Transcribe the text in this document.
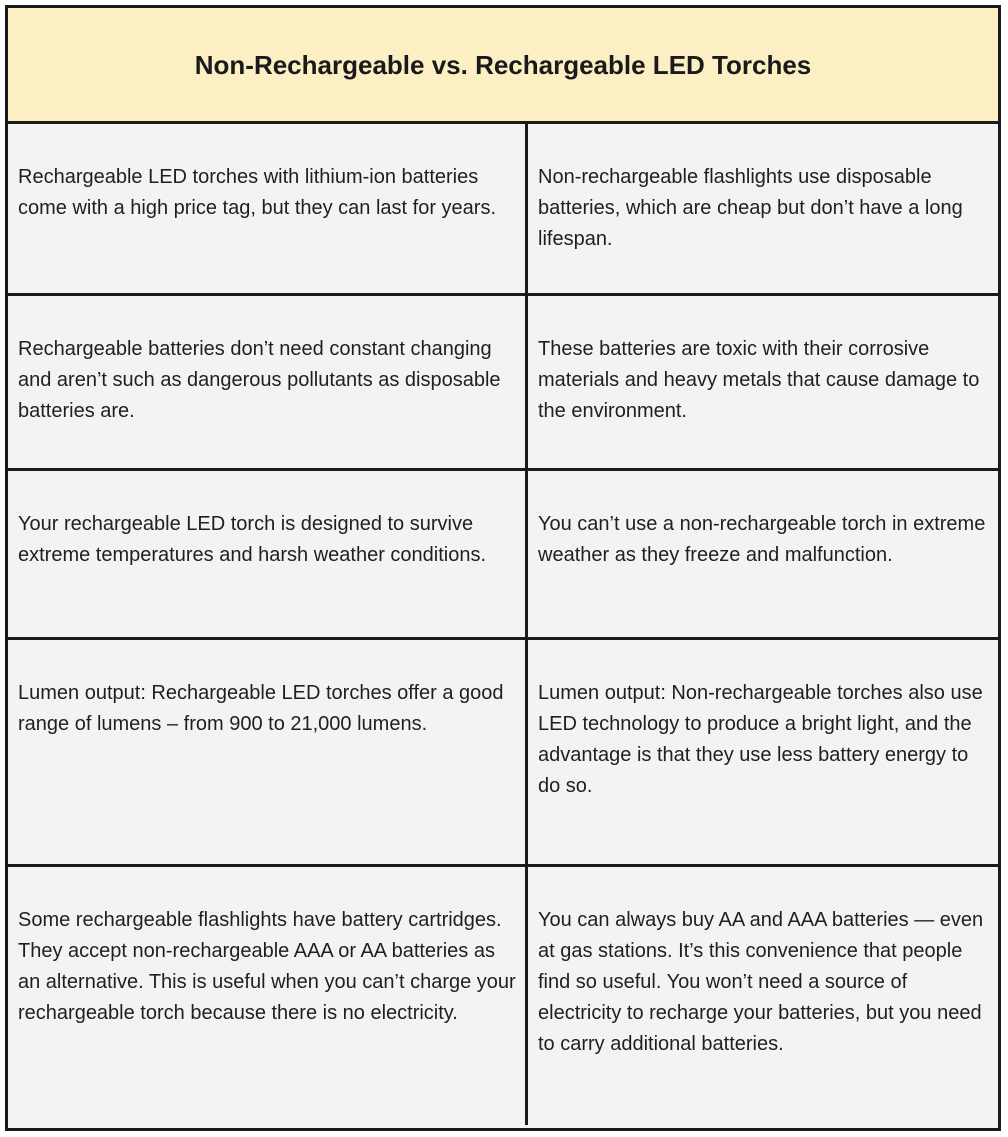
Non-Rechargeable vs. Rechargeable LED Torches
Rechargeable LED torches with lithium-ion batteries come with a high price tag, but they can last for years.
Non-rechargeable flashlights use disposable batteries, which are cheap but don’t have a long lifespan.
Rechargeable batteries don’t need constant changing and aren’t such as dangerous pollutants as disposable batteries are.
These batteries are toxic with their corrosive materials and heavy metals that cause damage to the environment.
Your rechargeable LED torch is designed to survive extreme temperatures and harsh weather conditions.
You can’t use a non-rechargeable torch in extreme weather as they freeze and malfunction.
Lumen output: Rechargeable LED torches offer a good range of lumens – from 900 to 21,000 lumens.
Lumen output: Non-rechargeable torches also use LED technology to produce a bright light, and the advantage is that they use less battery energy to do so.
Some rechargeable flashlights have battery cartridges. They accept non-rechargeable AAA or AA batteries as an alternative. This is useful when you can’t charge your rechargeable torch because there is no electricity.
You can always buy AA and AAA batteries — even at gas stations. It’s this convenience that people find so useful. You won’t need a source of electricity to recharge your batteries, but you need to carry additional batteries.
